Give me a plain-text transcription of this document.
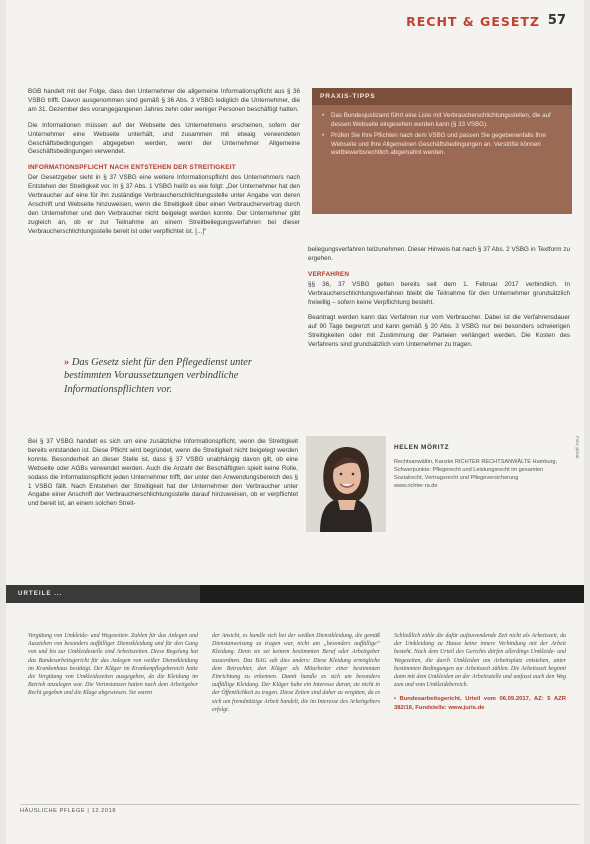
RECHT & GESETZ 57

BGB handelt mit der Folge, dass den Unternehmer die allgemeine Informationspflicht aus § 36 VSBG trifft. Davon ausgenommen sind gemäß § 36 Abs. 3 VSBG lediglich die Unternehmer, die am 31. Dezember des vorangegangenen Jahres zehn oder weniger Personen beschäftigt hatten.

Die Informationen müssen auf der Webseite des Unternehmens erscheinen, sofern der Unternehmer eine Webseite unterhält, und zusammen mit etwaig verwendeten Geschäftsbedingungen abgegeben werden, wenn der Unternehmer Allgemeine Geschäftsbedingungen verwendet.

INFORMATIONSPFLICHT NACH ENTSTEHEN DER STREITIGKEIT

Der Gesetzgeber sieht in § 37 VSBG eine weitere Informationspflicht des Unternehmers nach Entstehen der Streitigkeit vor. In § 37 Abs. 1 VSBG heißt es wie folgt: „Der Unternehmer hat den Verbraucher auf eine für ihn zuständige Verbraucherschlichtungsstelle unter Angabe von deren Anschrift und Webseite hinzuweisen, wenn die Streitigkeit über einen Verbrauchervertrag durch den Unternehmer und den Verbraucher nicht beigelegt werden konnte. Der Unternehmer gibt zugleich an, ob er zur Teilnahme an einem Streitbeilegungsverfahren bei dieser Verbraucherschlichtungsstelle bereit ist oder verpflichtet ist. [...]“

PRAXIS-TIPPS
• Das Bundesjustizamt führt eine Liste mit Verbraucherschlichtungsstellen, die auf dessen Webseite eingesehen werden kann (§ 33 VSBG).
• Prüfen Sie Ihre Pflichten nach dem VSBG und passen Sie gegebenenfalls Ihre Webseite und Ihre Allgemeinen Geschäftsbedingungen an. Verstöße können wettbewerbsrechtlich abgemahnt werden.

beilegungsverfahren teilzunehmen. Dieser Hinweis hat nach § 37 Abs. 2 VSBG in Textform zu ergehen.

VERFAHREN

§§ 36, 37 VSBG gelten bereits seit dem 1. Februar 2017 verbindlich. In Verbraucherschlichtungsverfahren bleibt die Teilnahme für den Unternehmer grundsätzlich freiwillig – sofern keine Verpflichtung besteht.

Beantragt werden kann das Verfahren nur vom Verbraucher. Dabei ist die Verfahrensdauer auf 90 Tage begrenzt und kann gemäß § 20 Abs. 3 VSBG nur bei besonders schwierigen Streitigkeiten oder mit Zustimmung der Parteien verlängert werden. Die Kosten des Verfahrens sind grundsätzlich vom Unternehmer zu tragen.

» Das Gesetz sieht für den Pflegedienst unter bestimmten Voraussetzungen verbindliche Informationspflichten vor.

Bei § 37 VSBG handelt es sich um eine zusätzliche Informationspflicht, wenn die Streitigkeit bereits entstanden ist. Diese Pflicht wird begründet, wenn die Streitigkeit nicht beigelegt werden konnte. Besonderheit an dieser Stelle ist, dass § 37 VSBG unabhängig davon gilt, ob eine Webseite oder AGBs verwendet werden. Auch die Anzahl der Beschäftigten spielt keine Rolle, sodass die Informationspflicht jeden Unternehmer trifft, der unter den Anwendungsbereich des § 1 VSBG fällt. Nach Entstehen der Streitigkeit hat der Unternehmer den Verbraucher unter Angabe einer Anschrift der Verbraucherschlichtungsstelle darauf hinzuweisen, ob er verpflichtet und bereit ist, an einem solchen Streit-

HELEN MÖRITZ
Rechtsanwältin, Kanzlei RICHTER RECHTSANWÄLTE Hamburg, Schwerpunkte: Pflegerecht und Leistungsrecht im gesamten Sozialrecht, Vertragsrecht und Pflegeversicherung
www.richter-ra.de
Foto: privat
URTEILE ...

Vergütung von Umkleide- und Wegezeiten. Zahlen für das Anlegen und Ausziehen von besonders auffälliger Dienstkleidung und für den Gang von und bis zur Umkleidestelle sind Arbeitszeiten. Diese Regelung hat das Bundesarbeitsgericht für das Anlegen von weißer Dienstkleidung im Krankenhaus bestätigt. Der Kläger im Krankenpflegebereich hatte die Vergütung von Umkleidezeiten ausgegeben, da die Kleidung im Betrieb anzulegen war. Die Vorinstanzen hatten nach dem Arbeitgeber Recht gegeben und die Klage abgewiesen. Sie waren

der Ansicht, es handle sich bei der weißen Dienstkleidung, die gemäß Dienstanweisung zu tragen war, nicht um „besonders auffällige“ Kleidung. Denn sie sei keinem bestimmten Beruf oder Arbeitgeber zuzuordnen. Das BAG sah dies anders: Diese Kleidung ermögliche dem Betrachter, den Kläger als Mitarbeiter einer bestimmten Einrichtung zu erkennen. Damit handle es sich um besonders auffällige Kleidung. Der Kläger habe ein Interesse daran, sie nicht in der Öffentlichkeit zu tragen. Diese Zeiten sind daher zu vergüten, da es sich um fremdnützige Arbeit handelt, die im Interesse des Arbeitgebers erfolgt.

Schließlich zähle die dafür aufzuwendende Zeit nicht als Arbeitszeit, da der Umkleidung zu Hause keine innere Verbindung mit der Arbeit besteht. Nach dem Urteil des Gerichts dürfen allerdings Umkleide- und Wegezeiten, die durch Umkleiden am Arbeitsplatz entstehen, unter bestimmten Bedingungen zur Arbeitszeit zählen. Die Arbeitszeit beginnt dann mit dem Umkleiden an der Arbeitsstelle und umfasst auch den Weg zum und vom Umkleidebereich.

• Bundesarbeitsgericht, Urteil vom 06.09.2017, AZ: 5 AZR 382/16, Fundstelle: www.juris.de

HÄUSLICHE PFLEGE | 12.2018
